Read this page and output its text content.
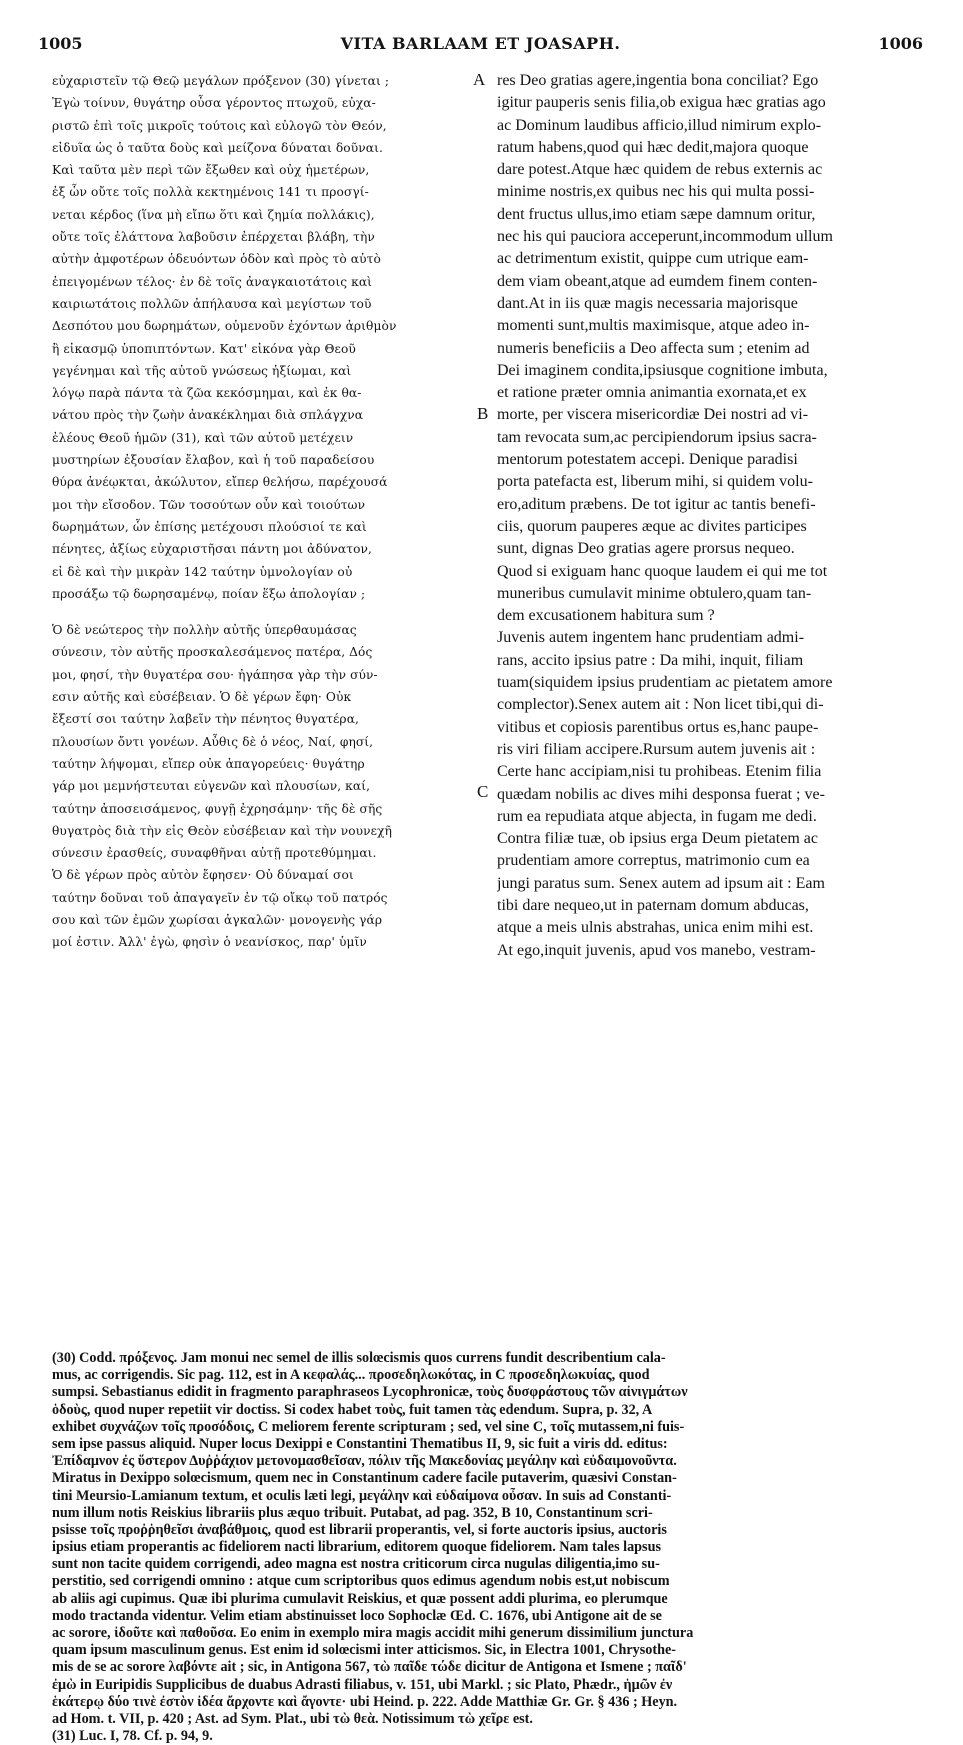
1005	VITA BARLAAM ET JOASAPH.	1006
A
B
C
εὐχαριστεῖν τῷ Θεῷ μεγάλων πρόξενον (30) γίνεται ;
Ἐγὼ τοίνυν, θυγάτηρ οὖσα γέροντος πτωχοῦ, εὐχα-
ριστῶ ἐπὶ τοῖς μικροῖς τούτοις καὶ εὐλογῶ τὸν Θεόν,
εἰδυῖα ὡς ὁ ταῦτα δοὺς καὶ μείζονα δύναται δοῦναι.
Καὶ ταῦτα μὲν περὶ τῶν ἔξωθεν καὶ οὐχ ἡμετέρων,
ἐξ ὧν οὔτε τοῖς πολλὰ κεκτημένοις 141 τι προσγί-
νεται κέρδος (ἵνα μὴ εἴπω ὅτι καὶ ζημία πολλάκις),
οὔτε τοῖς ἐλάττονα λαβοῦσιν ἐπέρχεται βλάβη, τὴν
αὐτὴν ἀμφοτέρων ὁδευόντων ὁδὸν καὶ πρὸς τὸ αὐτὸ
ἐπειγομένων τέλος· ἐν δὲ τοῖς ἀναγκαιοτάτοις καὶ
καιριωτάτοις πολλῶν ἀπήλαυσα καὶ μεγίστων τοῦ
Δεσπότου μου δωρημάτων, οὐμενοῦν ἐχόντων ἀριθμὸν
ἢ εἰκασμῷ ὑποπιπτόντων. Κατ' εἰκόνα γὰρ Θεοῦ
γεγένημαι καὶ τῆς αὐτοῦ γνώσεως ἠξίωμαι, καὶ
λόγῳ παρὰ πάντα τὰ ζῶα κεκόσμημαι, καὶ ἐκ θα-
νάτου πρὸς τὴν ζωὴν ἀνακέκλημαι διὰ σπλάγχνα
ἐλέους Θεοῦ ἡμῶν (31), καὶ τῶν αὐτοῦ μετέχειν
μυστηρίων ἐξουσίαν ἔλαβον, καὶ ἡ τοῦ παραδείσου
θύρα ἀνέῳκται, ἀκώλυτον, εἴπερ θελήσω, παρέχουσά
μοι τὴν εἴσοδον. Τῶν τοσούτων οὖν καὶ τοιούτων
δωρημάτων, ὧν ἐπίσης μετέχουσι πλούσιοί τε καὶ
πένητες, ἀξίως εὐχαριστῆσαι πάντη μοι ἀδύνατον,
εἰ δὲ καὶ τὴν μικρὰν 142 ταύτην ὑμνολογίαν οὐ
προσάξω τῷ δωρησαμένῳ, ποίαν ἕξω ἀπολογίαν ;
Ὁ δὲ νεώτερος τὴν πολλὴν αὐτῆς ὑπερθαυμάσας
σύνεσιν, τὸν αὐτῆς προσκαλεσάμενος πατέρα, Δός
μοι, φησί, τὴν θυγατέρα σου· ἠγάπησα γὰρ τὴν σύν-
εσιν αὐτῆς καὶ εὐσέβειαν. Ὁ δὲ γέρων ἔφη· Οὐκ
ἔξεστί σοι ταύτην λαβεῖν τὴν πένητος θυγατέρα,
πλουσίων ὄντι γονέων. Αὖθις δὲ ὁ νέος, Ναί, φησί,
ταύτην λήψομαι, εἴπερ οὐκ ἀπαγορεύεις· θυγάτηρ
γάρ μοι μεμνήστευται εὐγενῶν καὶ πλουσίων, καί,
ταύτην ἀποσεισάμενος, φυγῇ ἐχρησάμην· τῆς δὲ σῆς
θυγατρὸς διὰ τὴν εἰς Θεὸν εὐσέβειαν καὶ τὴν νουνεχῆ
σύνεσιν ἐρασθείς, συναφθῆναι αὐτῇ προτεθύμημαι.
Ὁ δὲ γέρων πρὸς αὐτὸν ἔφησεν· Οὐ δύναμαί σοι
ταύτην δοῦναι τοῦ ἀπαγαγεῖν ἐν τῷ οἴκῳ τοῦ πατρός
σου καὶ τῶν ἐμῶν χωρίσαι ἀγκαλῶν· μονογενὴς γάρ
μοί ἐστιν. Ἀλλ' ἐγὼ, φησὶν ὁ νεανίσκος, παρ' ὑμῖν
res Deo gratias agere,ingentia bona conciliat? Ego
igitur pauperis senis filia,ob exigua hæc gratias ago
ac Dominum laudibus afficio,illud nimirum explo-
ratum habens,quod qui hæc dedit,majora quoque
dare potest.Atque hæc quidem de rebus externis ac
minime nostris,ex quibus nec his qui multa possi-
dent fructus ullus,imo etiam sæpe damnum oritur,
nec his qui pauciora acceperunt,incommodum ullum
ac detrimentum existit, quippe cum utrique eam-
dem viam obeant,atque ad eumdem finem conten-
dant.At in iis quæ magis necessaria majorisque
momenti sunt,multis maximisque, atque adeo in-
numeris beneficiis a Deo affecta sum ; etenim ad
Dei imaginem condita,ipsiusque cognitione imbuta,
et ratione præter omnia animantia exornata,et ex
morte, per viscera misericordiæ Dei nostri ad vi-
tam revocata sum,ac percipiendorum ipsius sacra-
mentorum potestatem accepi. Denique paradisi
porta patefacta est, liberum mihi, si quidem volu-
ero,aditum præbens. De tot igitur ac tantis benefi-
ciis, quorum pauperes æque ac divites participes
sunt, dignas Deo gratias agere prorsus nequeo.
Quod si exiguam hanc quoque laudem ei qui me tot
muneribus cumulavit minime obtulero,quam tan-
dem excusationem habitura sum ?
Juvenis autem ingentem hanc prudentiam admi-
rans, accito ipsius patre : Da mihi, inquit, filiam
tuam(siquidem ipsius prudentiam ac pietatem amore
complector).Senex autem ait : Non licet tibi,qui di-
vitibus et copiosis parentibus ortus es,hanc paupe-
ris viri filiam accipere.Rursum autem juvenis ait :
Certe hanc accipiam,nisi tu prohibeas. Etenim filia
quædam nobilis ac dives mihi desponsa fuerat ; ve-
rum ea repudiata atque abjecta, in fugam me dedi.
Contra filiæ tuæ, ob ipsius erga Deum pietatem ac
prudentiam amore correptus, matrimonio cum ea
jungi paratus sum. Senex autem ad ipsum ait : Eam
tibi dare nequeo,ut in paternam domum abducas,
atque a meis ulnis abstrahas, unica enim mihi est.
At ego,inquit juvenis, apud vos manebo, vestram-
(30) Codd. πρόξενος. Jam monui nec semel de illis solœcismis quos currens fundit describentium cala-
mus, ac corrigendis. Sic pag. 112, est in A κεφαλάς... προσεδηλωκότας, in C προσεδηλωκυίας, quod
sumpsi. Sebastianus edidit in fragmento paraphraseos Lycophronicæ, τοὺς δυσφράστους τῶν αἰνιγμάτων
ὁδοὺς, quod nuper repetiit vir doctiss. Si codex habet τοὺς, fuit tamen τὰς edendum. Supra, p. 32, A
exhibet συχνάζων τοῖς προσόδοις, C meliorem ferente scripturam ; sed, vel sine C, τοῖς mutassem,ni fuis-
sem ipse passus aliquid. Nuper locus Dexippi e Constantini Thematibus II, 9, sic fuit a viris dd. editus:
Ἐπίδαμνον ἐς ὕστερον Δυῤῥάχιον μετονομασθεῖσαν, πόλιν τῆς Μακεδονίας μεγάλην καὶ εὐδαιμονοῦντα.
Miratus in Dexippo solœcismum, quem nec in Constantinum cadere facile putaverim, quæsivi Constan-
tini Meursio-Lamianum textum, et oculis læti legi, μεγάλην καὶ εὐδαίμονα οὖσαν. In suis ad Constanti-
num illum notis Reiskius librariis plus æquo tribuit. Putabat, ad pag. 352, B 10, Constantinum scri-
psisse τοῖς προῤῥηθεῖσι ἀναβάθμοις, quod est librarii properantis, vel, si forte auctoris ipsius, auctoris
ipsius etiam properantis ac fideliorem nacti librarium, editorem quoque fideliorem. Nam tales lapsus
sunt non tacite quidem corrigendi, adeo magna est nostra criticorum circa nugulas diligentia,imo su-
perstitio, sed corrigendi omnino : atque cum scriptoribus quos edimus agendum nobis est,ut nobiscum
ab aliis agi cupimus. Quæ ibi plurima cumulavit Reiskius, et quæ possent addi plurima, eo plerumque
modo tractanda videntur. Velim etiam abstinuisset loco Sophoclæ Œd. C. 1676, ubi Antigone ait de se
ac sorore, ἰδοῦτε καὶ παθοῦσα. Eo enim in exemplo mira magis accidit mihi generum dissimilium junctura
quam ipsum masculinum genus. Est enim id solœcismi inter atticismos. Sic, in Electra 1001, Chrysothe-
mis de se ac sorore λαβόντε ait ; sic, in Antigona 567, τὼ παῖδε τώδε dicitur de Antigona et Ismene ; παῖδ'
ἐμὼ in Euripidis Supplicibus de duabus Adrasti filiabus, v. 151, ubi Markl. ; sic Plato, Phædr., ἡμῶν ἐν
ἑκάτερῳ δύο τινὲ ἐστὸν ἰδέα ἄρχοντε καὶ ἄγοντε· ubi Heind. p. 222. Adde Matthiæ Gr. Gr. § 436 ; Heyn.
ad Hom. t. VII, p. 420 ; Ast. ad Sym. Plat., ubi τὼ θεὰ. Notissimum τὼ χεῖρε est.
(31) Luc. I, 78. Cf. p. 94, 9.
